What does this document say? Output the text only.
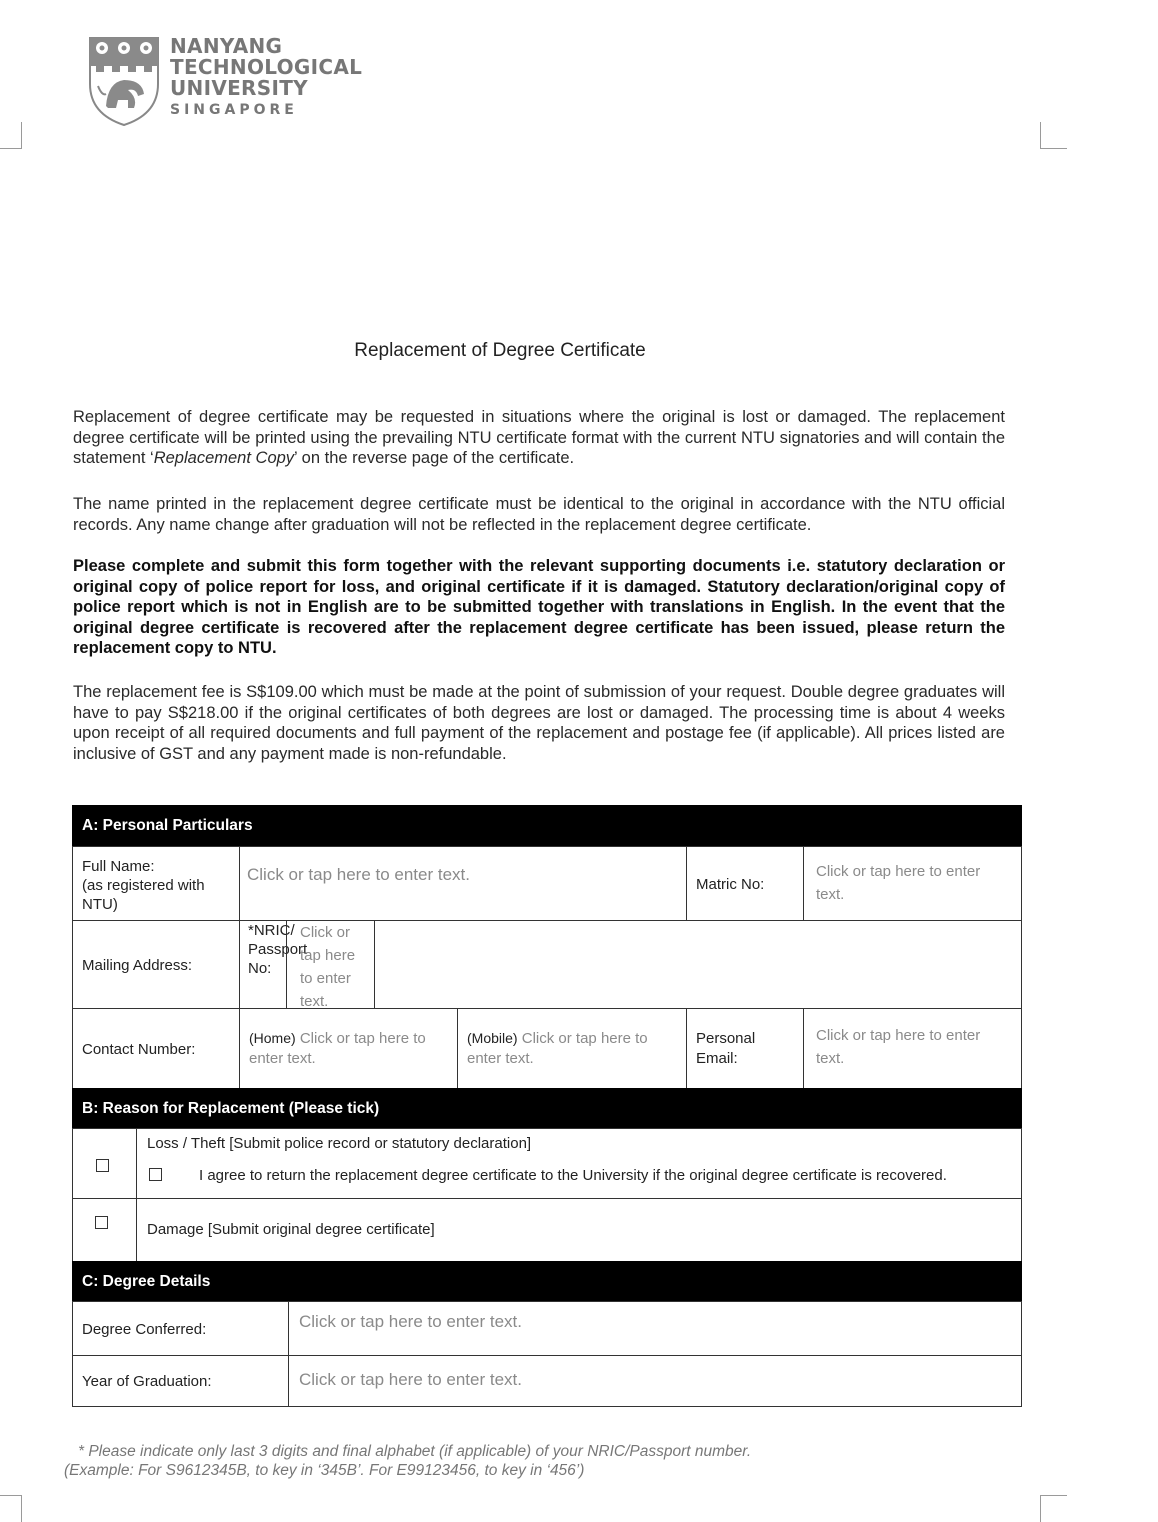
NANYANG
TECHNOLOGICAL
UNIVERSITY
SINGAPORE
Replacement of Degree Certificate
Replacement of degree certificate may be requested in situations where the original is lost or damaged. The replacement degree certificate will be printed using the prevailing NTU certificate format with the current NTU signatories and will contain the statement ‘Replacement Copy’ on the reverse page of the certificate.
The name printed in the replacement degree certificate must be identical to the original in accordance with the NTU official records. Any name change after graduation will not be reflected in the replacement degree certificate.
Please complete and submit this form together with the relevant supporting documents i.e. statutory declaration or original copy of police report for loss, and original certificate if it is damaged. Statutory declaration/original copy of police report which is not in English are to be submitted together with translations in English. In the event that the original degree certificate is recovered after the replacement degree certificate has been issued, please return the replacement copy to NTU.
The replacement fee is S$109.00 which must be made at the point of submission of your request. Double degree graduates will have to pay S$218.00 if the original certificates of both degrees are lost or damaged. The processing time is about 4 weeks upon receipt of all required documents and full payment of the replacement and postage fee (if applicable). All prices listed are inclusive of GST and any payment made is non-refundable.
A: Personal Particulars
Full Name:
(as registered with NTU)
Click or tap here to enter text.
Matric No:
Click or tap here to enter text.
Mailing Address:
*NRIC/ Passport No:
Click or tap here to enter text.
Contact Number:
(Home) Click or tap here to enter text.
(Mobile) Click or tap here to enter text.
Personal Email:
Click or tap here to enter text.
B: Reason for Replacement (Please tick)
Loss / Theft [Submit police record or statutory declaration]
I agree to return the replacement degree certificate to the University if the original degree certificate is recovered.
Damage [Submit original degree certificate]
C: Degree Details
Degree Conferred:	Click or tap here to enter text.
Year of Graduation:	Click or tap here to enter text.
* Please indicate only last 3 digits and final alphabet (if applicable) of your NRIC/Passport number.
(Example: For S9612345B, to key in ‘345B’. For E99123456, to key in ‘456’)
